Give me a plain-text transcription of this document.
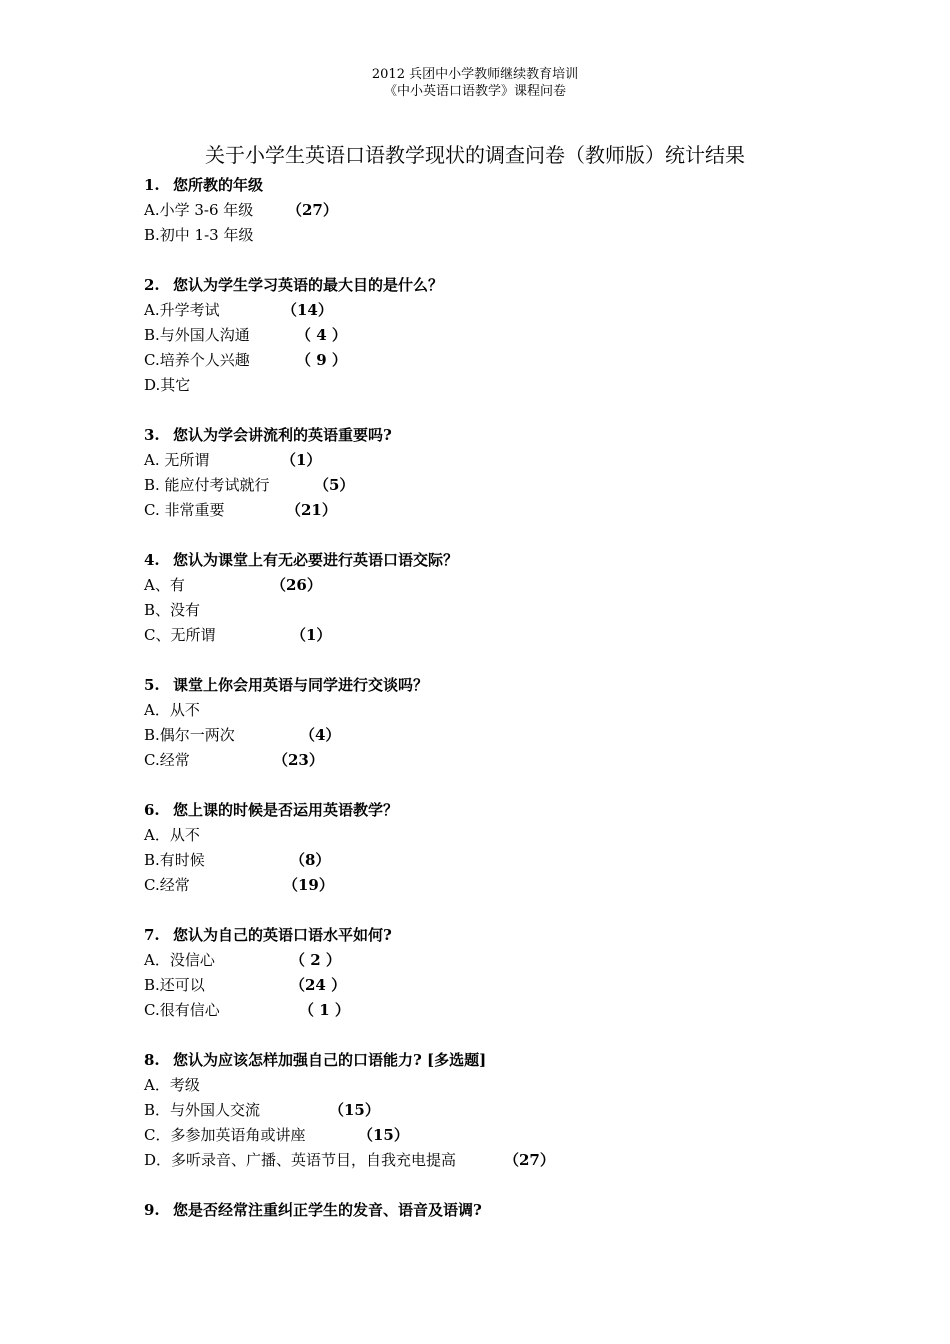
2012 兵团中小学教师继续教育培训
《中小英语口语教学》课程问卷
关于小学生英语口语教学现状的调查问卷（教师版）统计结果
1. 您所教的年级
A.小学 3-6 年级	（27）
B.初中 1-3 年级
2. 您认为学生学习英语的最大目的是什么？
A.升学考试	（14）
B.与外国人沟通	（ 4 ）
C.培养个人兴趣	（ 9 ）
D.其它
3. 您认为学会讲流利的英语重要吗?
A. 无所谓	（1）
B. 能应付考试就行	（5）
C. 非常重要	（21）
4. 您认为课堂上有无必要进行英语口语交际？
A、有	（26）
B、没有
C、无所谓	（1）
5. 课堂上你会用英语与同学进行交谈吗？
A．从不
B.偶尔一两次	（4）
C.经常	（23）
6. 您上课的时候是否运用英语教学？
A．从不
B.有时候	（8）
C.经常	（19）
7. 您认为自己的英语口语水平如何?
A．没信心	（ 2 ）
B.还可以	（24 ）
C.很有信心	（ 1 ）
8. 您认为应该怎样加强自己的口语能力? [多选题]
A．考级
B．与外国人交流	（15）
C．多参加英语角或讲座	（15）
D．多听录音、广播、英语节目，自我充电提高	（27）
9. 您是否经常注重纠正学生的发音、语音及语调?
